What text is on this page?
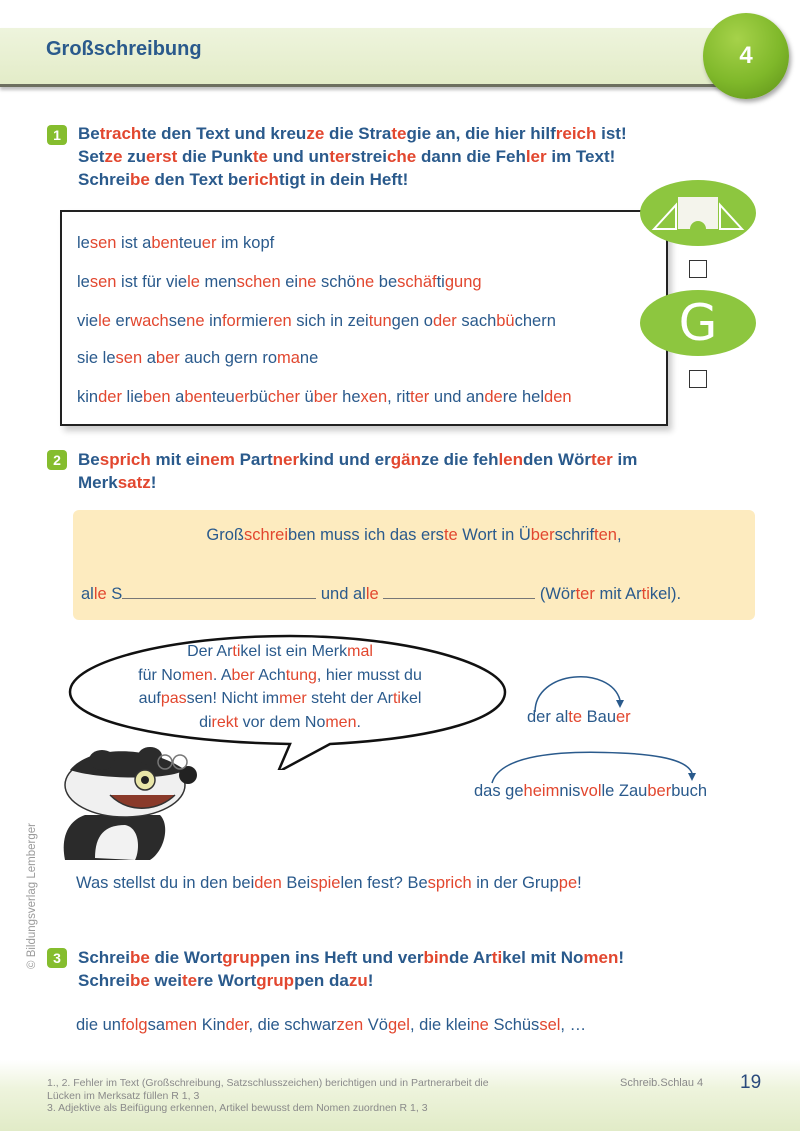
Großschreibung	4
1	Betrachte den Text und kreuze die Strategie an, die hier hilfreich ist!
Setze zuerst die Punkte und unterstreiche dann die Fehler im Text!
Schreibe den Text berichtigt in dein Heft!
lesen ist abenteuer im kopf
lesen ist für viele menschen eine schöne beschäftigung
viele erwachsene informieren sich in zeitungen oder sachbüchern
sie lesen aber auch gern romane
kinder lieben abenteuerbücher über hexen, ritter und andere helden
G
2	Besprich mit einem Partnerkind und ergänze die fehlenden Wörter im
Merksatz!
Großschreiben muss ich das erste Wort in Überschriften,
alle S	und alle	(Wörter mit Artikel).
Der Artikel ist ein Merkmal
für Nomen. Aber Achtung, hier musst du
aufpassen! Nicht immer steht der Artikel
direkt vor dem Nomen.	der alte Bauer
das geheimnisvolle Zauberbuch
Was stellst du in den beiden Beispielen fest? Besprich in der Gruppe!
© Bildungsverlag Lemberger	3	Schreibe die Wortgruppen ins Heft und verbinde Artikel mit Nomen!
Schreibe weitere Wortgruppen dazu!
die unfolgsamen Kinder, die schwarzen Vögel, die kleine Schüssel, …
1., 2. Fehler im Text (Großschreibung, Satzschlusszeichen) berichtigen und in Partnerarbeit die
Lücken im Merksatz füllen R 1, 3
3. Adjektive als Beifügung erkennen, Artikel bewusst dem Nomen zuordnen R 1, 3
Schreib.Schlau 4 19
